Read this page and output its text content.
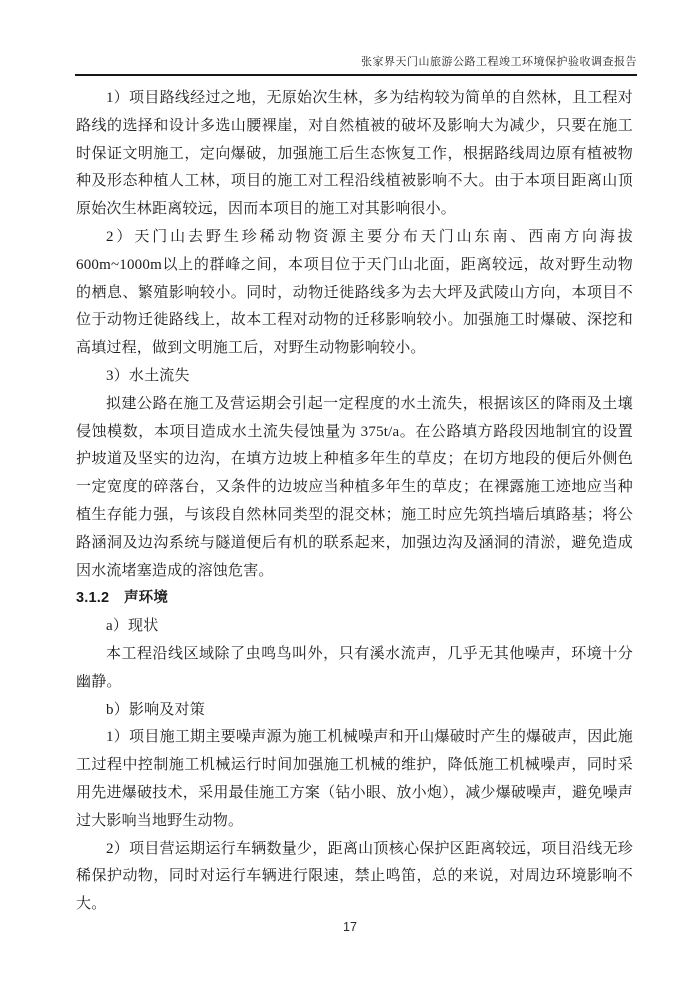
张家界天门山旅游公路工程竣工环境保护验收调查报告

1）项目路线经过之地，无原始次生林，多为结构较为简单的自然林，且工程对路线的选择和设计多选山腰裸崖，对自然植被的破坏及影响大为减少，只要在施工时保证文明施工，定向爆破，加强施工后生态恢复工作，根据路线周边原有植被物种及形态种植人工林，项目的施工对工程沿线植被影响不大。由于本项目距离山顶原始次生林距离较远，因而本项目的施工对其影响很小。

2）天门山去野生珍稀动物资源主要分布天门山东南、西南方向海拔 600m~1000m以上的群峰之间，本项目位于天门山北面，距离较远，故对野生动物的栖息、繁殖影响较小。同时，动物迁徙路线多为去大坪及武陵山方向，本项目不位于动物迁徙路线上，故本工程对动物的迁移影响较小。加强施工时爆破、深挖和高填过程，做到文明施工后，对野生动物影响较小。

3）水土流失

拟建公路在施工及营运期会引起一定程度的水土流失，根据该区的降雨及土壤侵蚀模数，本项目造成水土流失侵蚀量为 375t/a。在公路填方路段因地制宜的设置护坡道及坚实的边沟，在填方边坡上种植多年生的草皮；在切方地段的便后外侧色一定宽度的碎落台，又条件的边坡应当种植多年生的草皮；在裸露施工迹地应当种植生存能力强，与该段自然林同类型的混交林；施工时应先筑挡墙后填路基；将公路涵洞及边沟系统与隧道便后有机的联系起来，加强边沟及涵洞的清淤，避免造成因水流堵塞造成的溶蚀危害。

3.1.2　声环境

a）现状

本工程沿线区域除了虫鸣鸟叫外，只有溪水流声，几乎无其他噪声，环境十分幽静。

b）影响及对策

1）项目施工期主要噪声源为施工机械噪声和开山爆破时产生的爆破声，因此施工过程中控制施工机械运行时间加强施工机械的维护，降低施工机械噪声，同时采用先进爆破技术，采用最佳施工方案（钻小眼、放小炮），减少爆破噪声，避免噪声过大影响当地野生动物。

2）项目营运期运行车辆数量少，距离山顶核心保护区距离较远，项目沿线无珍稀保护动物，同时对运行车辆进行限速，禁止鸣笛，总的来说，对周边环境影响不大。

17
